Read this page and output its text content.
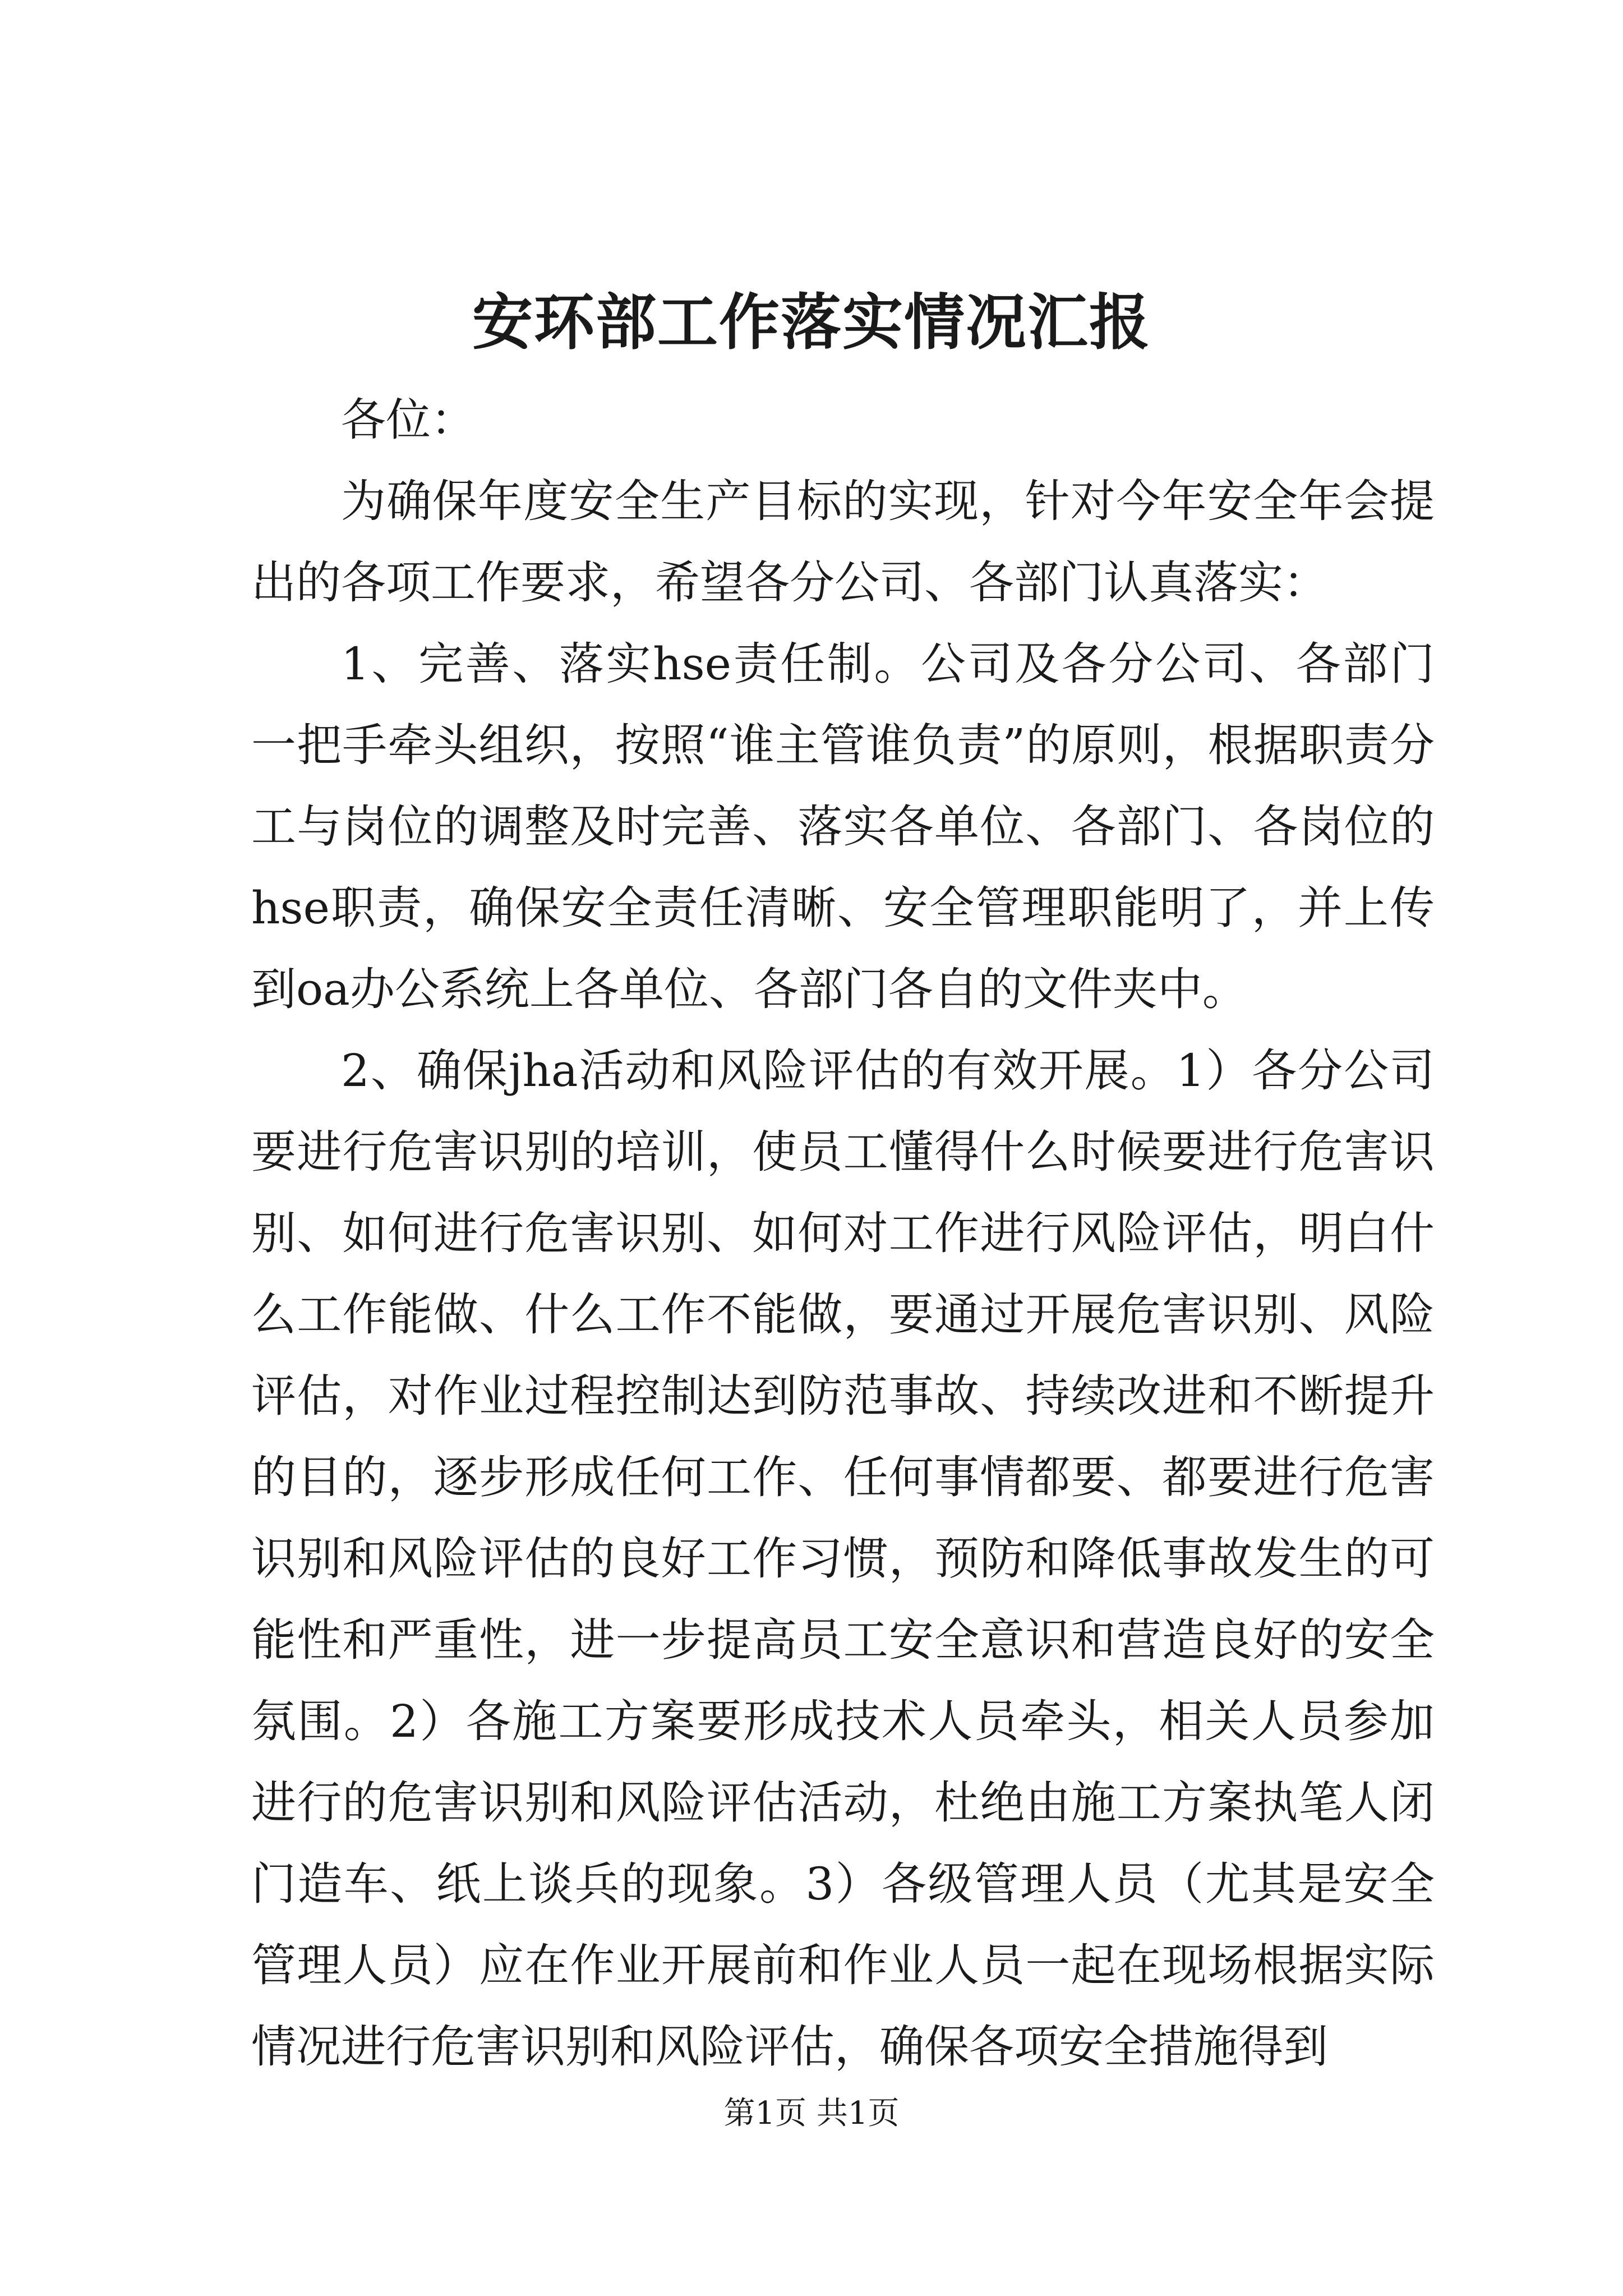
安环部工作落实情况汇报

各位：

为确保年度安全生产目标的实现，针对今年安全年会提出的各项工作要求，希望各分公司、各部门认真落实：

1、完善、落实hse责任制。公司及各分公司、各部门一把手牵头组织，按照“谁主管谁负责”的原则，根据职责分工与岗位的调整及时完善、落实各单位、各部门、各岗位的hse职责，确保安全责任清晰、安全管理职能明了，并上传到oa办公系统上各单位、各部门各自的文件夹中。

2、确保jha活动和风险评估的有效开展。1）各分公司要进行危害识别的培训，使员工懂得什么时候要进行危害识别、如何进行危害识别、如何对工作进行风险评估，明白什么工作能做、什么工作不能做，要通过开展危害识别、风险评估，对作业过程控制达到防范事故、持续改进和不断提升的目的，逐步形成任何工作、任何事情都要、都要进行危害识别和风险评估的良好工作习惯，预防和降低事故发生的可能性和严重性，进一步提高员工安全意识和营造良好的安全氛围。2）各施工方案要形成技术人员牵头，相关人员参加进行的危害识别和风险评估活动，杜绝由施工方案执笔人闭门造车、纸上谈兵的现象。3）各级管理人员（尤其是安全管理人员）应在作业开展前和作业人员一起在现场根据实际情况进行危害识别和风险评估，确保各项安全措施得到

第1页 共1页
